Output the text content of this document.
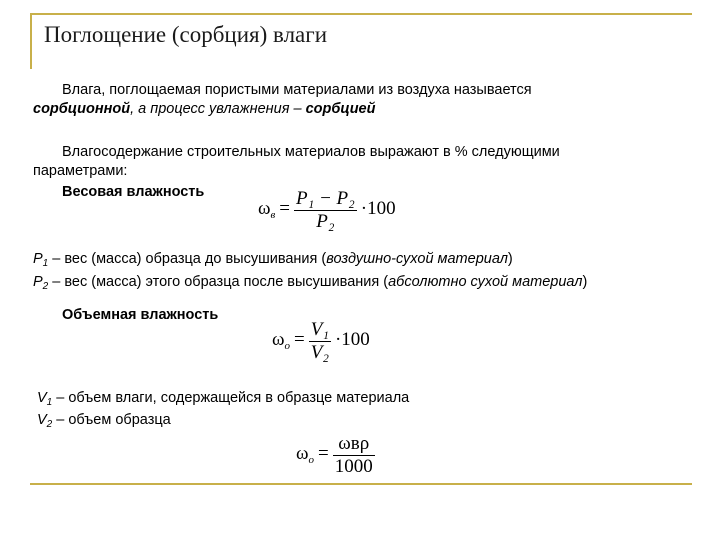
Поглощение (сорбция) влаги
Влага, поглощаемая пористыми материалами из воздуха называется
сорбционной, а процесс увлажнения – сорбцией
Влагосодержание строительных материалов выражают в % следующими
параметрами:
Весовая влажность
$\omega_в = \frac{\text{P₁ − P₂}}{\text{P₂}} \cdot 100$
$P_1$ – вес (масса) образца до высушивания (воздушно-сухой материал)
$P_2$ – вес (масса) этого образца после высушивания (абсолютно сухой материал)
Объемная влажность
$\omega_о = \frac{\text{V₁}}{\text{V₂}} \cdot 100$
$V_1$ – объем влаги, содержащейся в образце материала
$V_2$ – объем образца
$\omega_о = \frac{\text{ωвρ}}{1000}$
